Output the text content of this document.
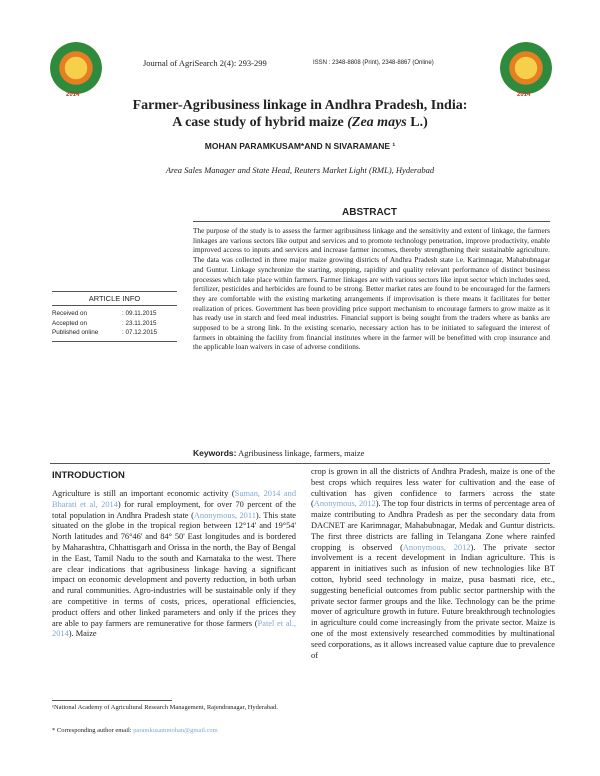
2014	2014
Journal of AgriSearch 2(4): 293-299	ISSN : 2348-8808 (Print), 2348-8867 (Online)
Farmer-Agribusiness linkage in Andhra Pradesh, India:
A case study of hybrid maize (Zea mays L.)
MOHAN PARAMKUSAM*AND N SIVARAMANE ¹
Area Sales Manager and State Head, Reuters Market Light (RML), Hyderabad
ABSTRACT
The purpose of the study is to assess the farmer agribusiness linkage and the sensitivity and extent of linkage, the farmers linkages are various sectors like output and services and to promote technology penetration, improve productivity, enable improved access to inputs and services and increase farmer incomes, thereby strengthening their sustainable agriculture. The data was collected in three major maize growing districts of Andhra Pradesh state i.e. Karimnagar, Mahabubnagar and Guntur. Linkage synchronize the starting, stopping, rapidity and quality relevant performance of distinct business processes which take place within farmers. Farmer linkages are with various sectors like input sector which includes seed, fertilizer, pesticides and herbicides are found to be strong. Better market rates are found to be encouraged for the farmers they are comfortable with the existing marketing arrangements if improvisation is there means it facilitates for better realization of prices. Government has been providing price support mechanism to encourage farmers to grow maize as it has ready use in starch and feed meal industries. Financial support is being sought from the traders where as banks are supposed to be a strong link. In the existing scenario, necessary action has to be initiated to safeguard the interest of farmers in obtaining the facility from financial institutes where in the farmer will be benefitted with crop insurance and the applicable loan waivers in case of adverse conditions.
ARTICLE INFO
Received on	: 09.11.2015
Accepted on	: 23.11.2015
Published online	: 07.12.2015
Keywords: Agribusiness linkage, farmers, maize
INTRODUCTION
Agriculture is still an important economic activity (Suman, 2014 and Bharati et al, 2014) for rural employment, for over 70 percent of the total population in Andhra Pradesh state (Anonymous, 2011). This state situated on the globe in the tropical region between 12°14' and 19°54' North latitudes and 76°46' and 84° 50' East longitudes and is bordered by Maharashtra, Chhattisgarh and Orissa in the north, the Bay of Bengal in the East, Tamil Nadu to the south and Karnataka to the west. There are clear indications that agribusiness linkage having a significant impact on economic development and poverty reduction, in both urban and rural communities. Agro-industries will be sustainable only if they are competitive in terms of costs, prices, operational efficiencies, product offers and other linked parameters and only if the prices they are able to pay farmers are remunerative for those farmers (Patel et al., 2014). Maize
crop is grown in all the districts of Andhra Pradesh, maize is one of the best crops which requires less water for cultivation and the ease of cultivation has given confidence to farmers across the state (Anonymous, 2012). The top four districts in terms of percentage area of maize contributing to Andhra Pradesh as per the secondary data from DACNET are Karimnagar, Mahabubnagar, Medak and Guntur districts. The first three districts are falling in Telangana Zone where rainfed cropping is observed (Anonymous, 2012). The private sector involvement is a recent development in Indian agriculture. This is apparent in initiatives such as infusion of new technologies like BT cotton, hybrid seed technology in maize, pusa basmati rice, etc., suggesting beneficial outcomes from public sector partnership with the private sector farmer groups and the like. Technology can be the prime mover of agriculture growth in future. Future breakthrough technologies in agriculture could come increasingly from the private sector. Maize is one of the most extensively researched commodities by multinational seed corporations, as it allows increased value capture due to prevalence of
¹National Academy of Agricultural Research Management, Rajendranagar, Hyderabad.
* Corresponding author email: paramkusammohan@gmail.com
